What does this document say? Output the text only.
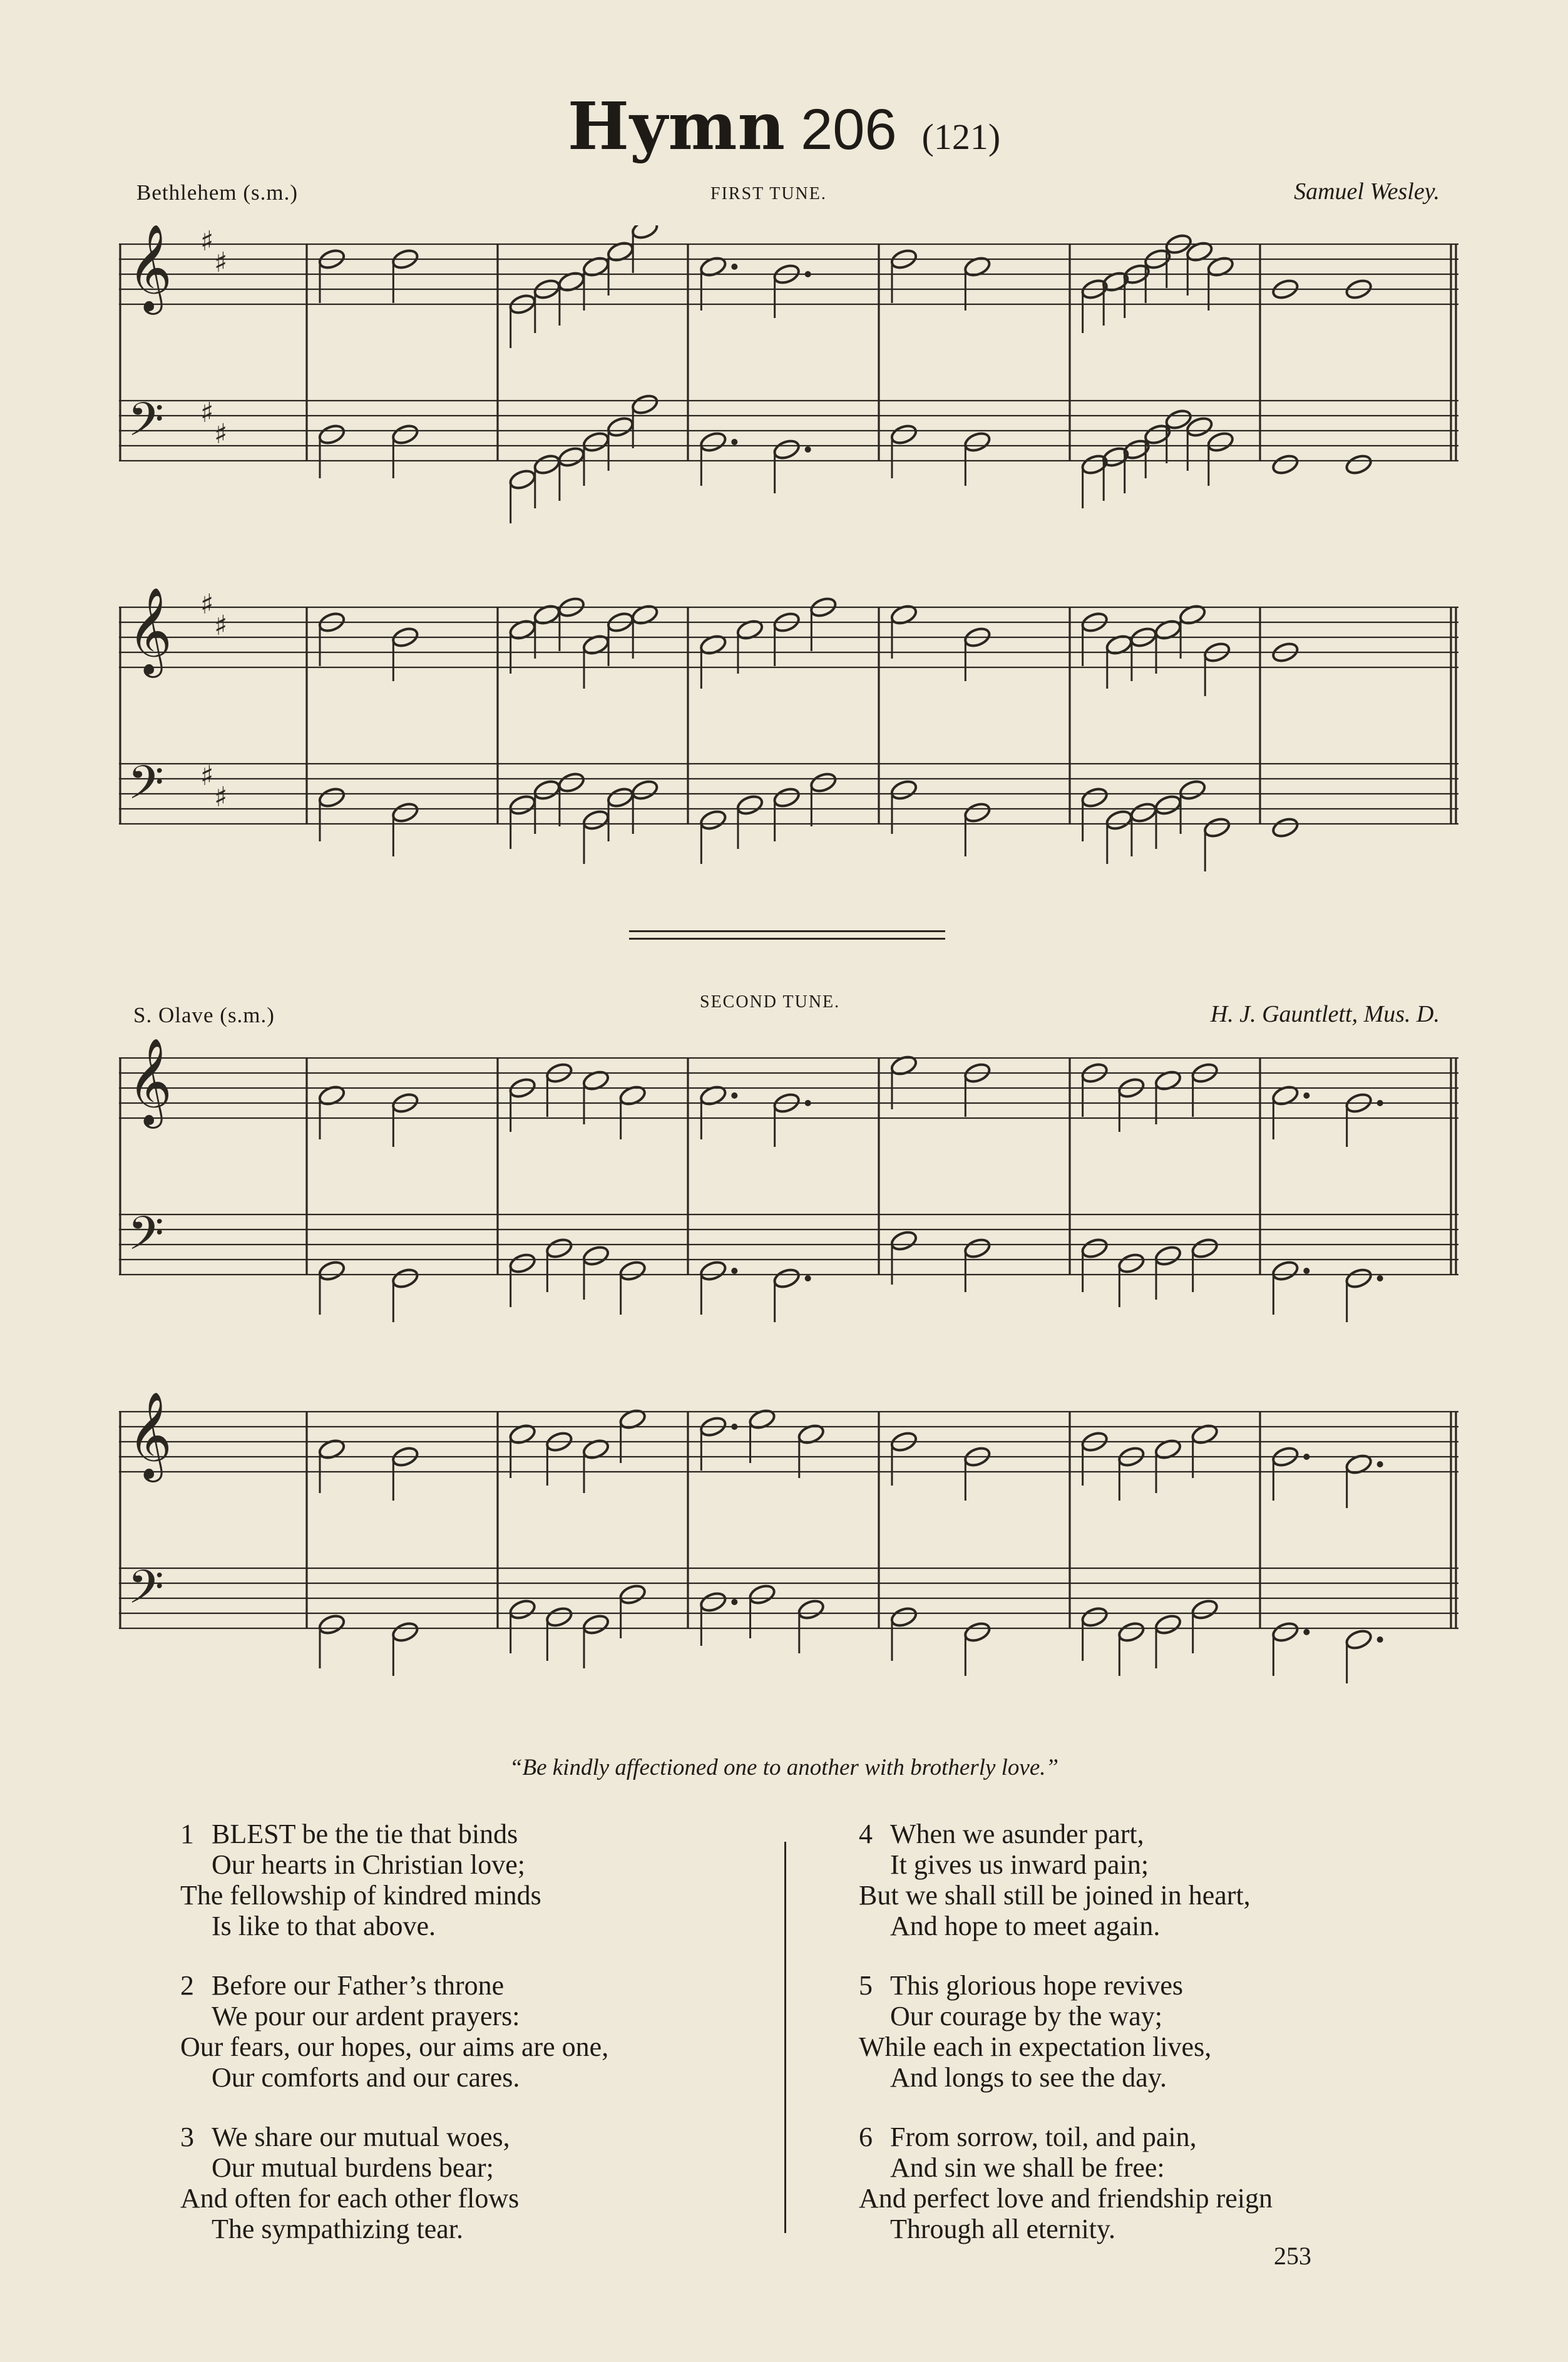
Hymn 206 (121)
Bethlehem (s.m.)	FIRST TUNE.	Samuel Wesley.
𝄞
𝄢
♯
♯
♯
♯
𝄞
𝄢
♯
♯
♯
♯
S. Olave (s.m.)
SECOND TUNE.	H. J. Gauntlett, Mus. D.
𝄞
𝄢
𝄞
𝄢
“Be kindly affectioned one to another with brotherly love.”
1 BLEST be the tie that binds
Our hearts in Christian love;
The fellowship of kindred minds
Is like to that above.
2 Before our Father’s throne
We pour our ardent prayers:
Our fears, our hopes, our aims are one,
Our comforts and our cares.
3 We share our mutual woes,
Our mutual burdens bear;
And often for each other flows
The sympathizing tear.
4 When we asunder part,
It gives us inward pain;
But we shall still be joined in heart,
And hope to meet again.
5 This glorious hope revives
Our courage by the way;
While each in expectation lives,
And longs to see the day.
6 From sorrow, toil, and pain,
And sin we shall be free:
And perfect love and friendship reign
Through all eternity.
253
